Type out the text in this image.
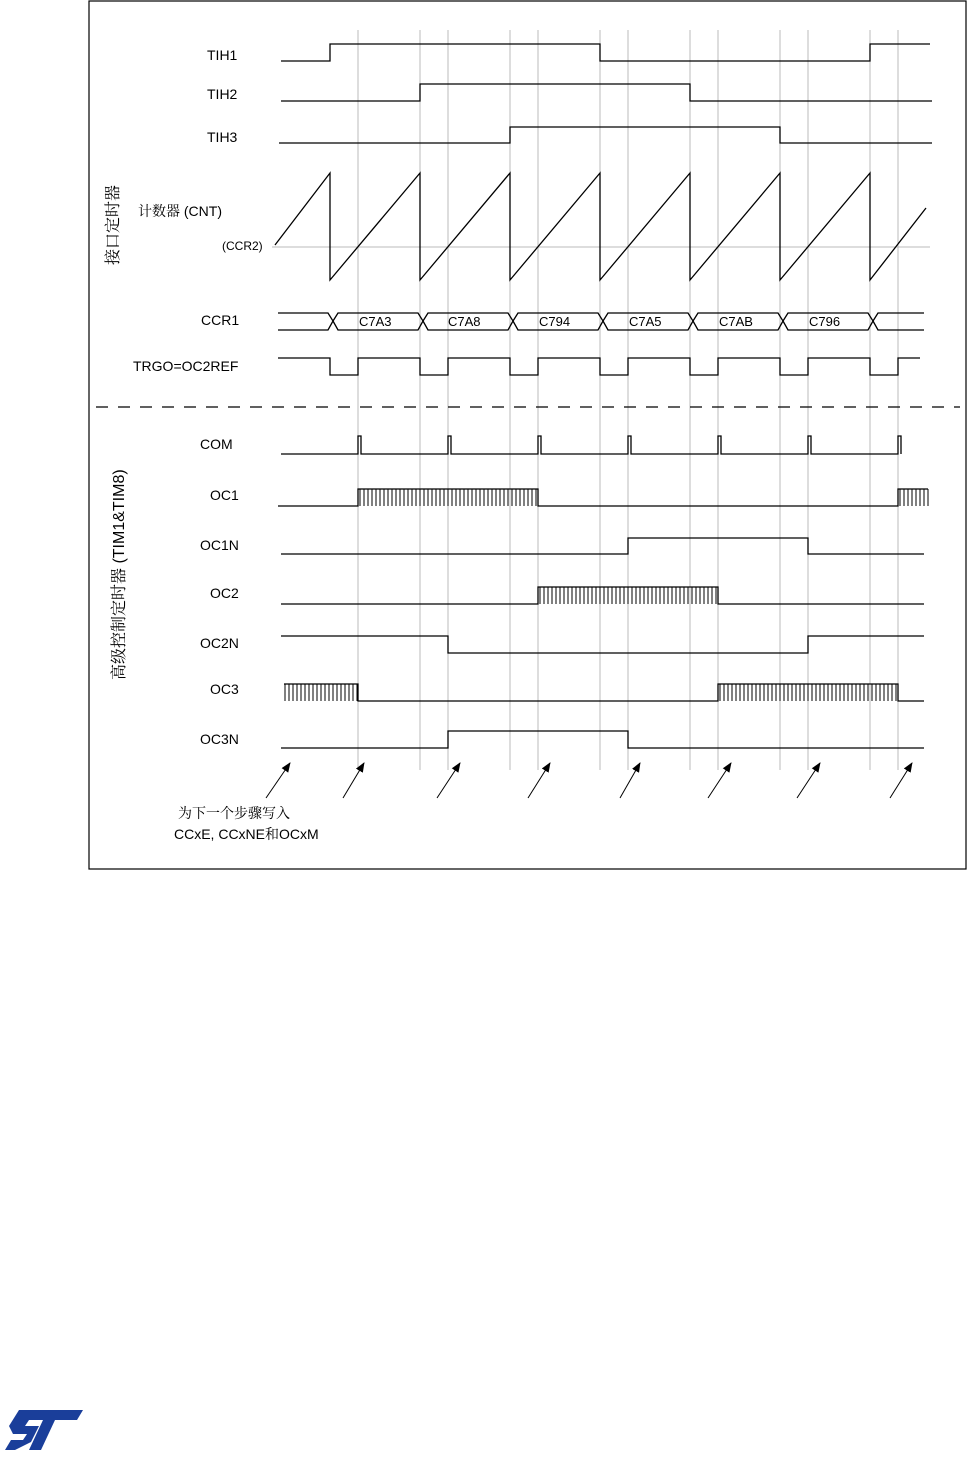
接口定时器
高级控制定时器 (TIM1&TIM8)
TIH1
TIH2
TIH3
计数器 (CNT)
(CCR2)
CCR1
TRGO=OC2REF
COM
OC1
OC1N
OC2
OC2N
OC3
OC3N
C7A3	C7A8	C794	C7A5	C7AB	C796
为下一个步骤写入
CCxE, CCxNE和OCxM
ST
